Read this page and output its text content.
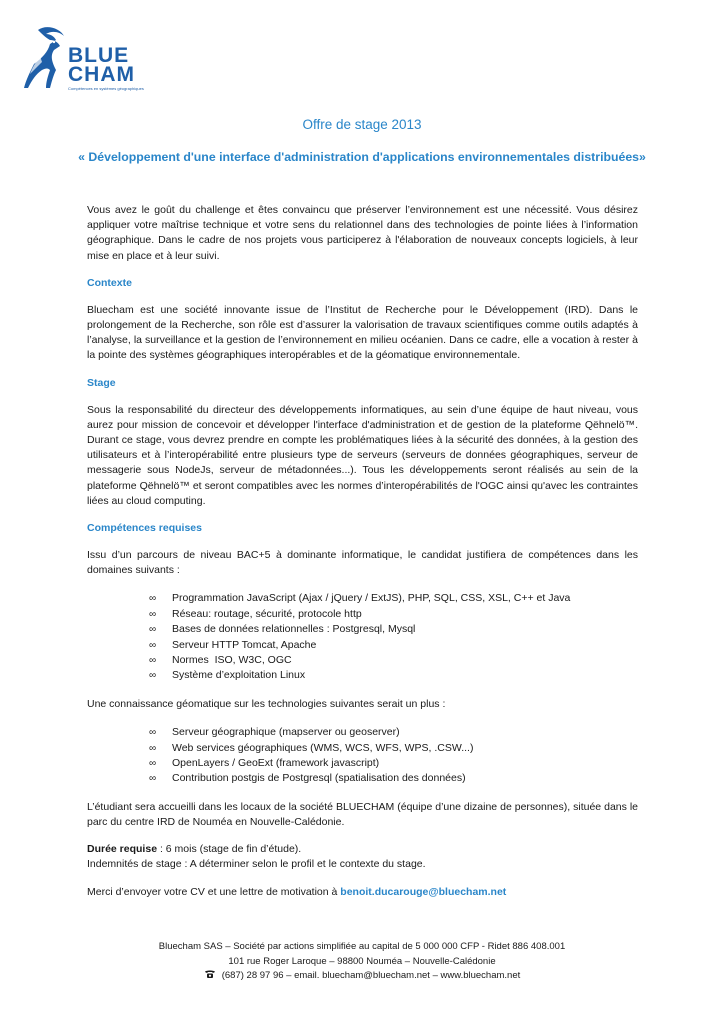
BLUE
CHAM
Compétences en systèmes géographiques
Offre de stage 2013
« Développement d'une interface d'administration d'applications environnementales distribuées»

Vous avez le goût du challenge et êtes convaincu que préserver l’environnement est une nécessité. Vous désirez appliquer votre maîtrise technique et votre sens du relationnel dans des technologies de pointe liées à l’information géographique. Dans le cadre de nos projets vous participerez à l'élaboration de nouveaux concepts logiciels, à leur mise en place et à leur suivi.

Contexte

Bluecham est une société innovante issue de l’Institut de Recherche pour le Développement (IRD). Dans le prolongement de la Recherche, son rôle est d’assurer la valorisation de travaux scientifiques comme outils adaptés à l’analyse, la surveillance et la gestion de l’environnement en milieu océanien. Dans ce cadre, elle a vocation à rester à la pointe des systèmes géographiques interopérables et de la géomatique environnementale.

Stage

Sous la responsabilité du directeur des développements informatiques, au sein d’une équipe de haut niveau, vous aurez pour mission de concevoir et développer l'interface d'administration et de gestion de la plateforme Qëhnelö™. Durant ce stage, vous devrez prendre en compte les problématiques liées à la sécurité des données, à la gestion des utilisateurs et à l’interopérabilité entre plusieurs type de serveurs (serveurs de données géographiques, serveur de messagerie sous NodeJs, serveur de métadonnées...). Tous les développements seront réalisés au sein de la plateforme Qëhnelö™ et seront compatibles avec les normes d’interopérabilités de l'OGC ainsi qu'avec les contraintes liées au cloud computing.

Compétences requises

Issu d’un parcours de niveau BAC+5 à dominante informatique, le candidat justifiera de compétences dans les domaines suivants :

∞ Programmation JavaScript (Ajax / jQuery / ExtJS), PHP, SQL, CSS, XSL, C++ et Java
∞ Réseau: routage, sécurité, protocole http
∞ Bases de données relationnelles : Postgresql, Mysql
∞ Serveur HTTP Tomcat, Apache
∞ Normes  ISO, W3C, OGC
∞ Système d’exploitation Linux

Une connaissance géomatique sur les technologies suivantes serait un plus :

∞ Serveur géographique (mapserver ou geoserver)
∞ Web services géographiques (WMS, WCS, WFS, WPS, .CSW...)
∞ OpenLayers / GeoExt (framework javascript)
∞ Contribution postgis de Postgresql (spatialisation des données)

L’étudiant sera accueilli dans les locaux de la société BLUECHAM (équipe d’une dizaine de personnes), située dans le parc du centre IRD de Nouméa en Nouvelle-Calédonie.

Durée requise : 6 mois (stage de fin d’étude).

Indemnités de stage : A déterminer selon le profil et le contexte du stage.

Merci d’envoyer votre CV et une lettre de motivation à benoit.ducarouge@bluecham.net

Bluecham SAS – Société par actions simplifiée au capital de 5 000 000 CFP - Ridet 886 408.001
101 rue Roger Laroque – 98800 Nouméa – Nouvelle-Calédonie
(687) 28 97 96 – email. bluecham@bluecham.net – www.bluecham.net
